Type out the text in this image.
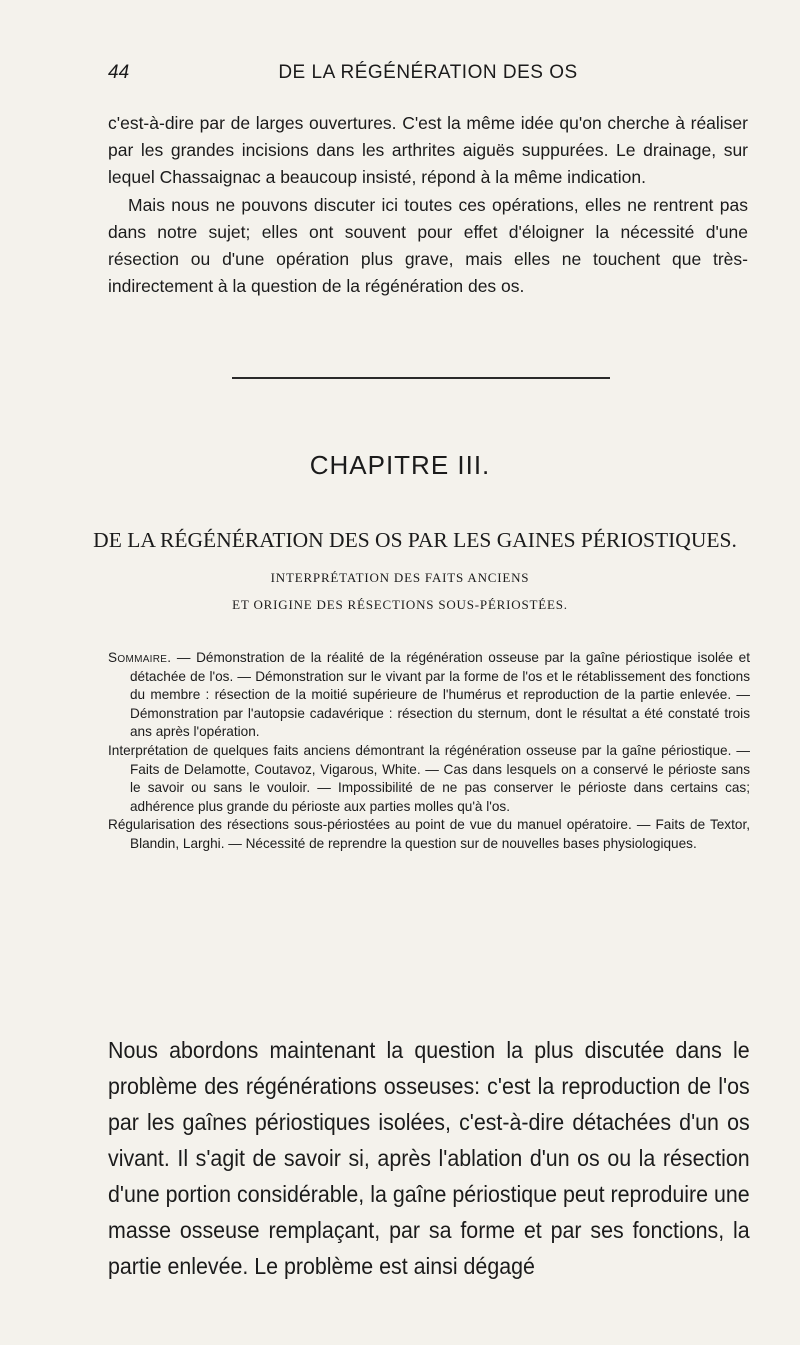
44	DE LA RÉGÉNÉRATION DES OS

c'est-à-dire par de larges ouvertures. C'est la même idée qu'on cherche à réaliser par les grandes incisions dans les arthrites aiguës suppurées. Le drainage, sur lequel Chassaignac a beaucoup insisté, répond à la même indication.

Mais nous ne pouvons discuter ici toutes ces opérations, elles ne rentrent pas dans notre sujet; elles ont souvent pour effet d'éloigner la nécessité d'une résection ou d'une opération plus grave, mais elles ne touchent que très-indirectement à la question de la régénération des os.

CHAPITRE III.
DE LA RÉGÉNÉRATION DES OS PAR LES GAINES PÉRIOSTIQUES.
INTERPRÉTATION DES FAITS ANCIENS
ET ORIGINE DES RÉSECTIONS SOUS-PÉRIOSTÉES.

Sommaire. — Démonstration de la réalité de la régénération osseuse par la gaîne périostique isolée et détachée de l'os. — Démonstration sur le vivant par la forme de l'os et le rétablissement des fonctions du membre : résection de la moitié supérieure de l'humérus et reproduction de la partie enlevée. — Démonstration par l'autopsie cadavérique : résection du sternum, dont le résultat a été constaté trois ans après l'opération.

Interprétation de quelques faits anciens démontrant la régénération osseuse par la gaîne périostique. — Faits de Delamotte, Coutavoz, Vigarous, White. — Cas dans lesquels on a conservé le périoste sans le savoir ou sans le vouloir. — Impossibilité de ne pas conserver le périoste dans certains cas; adhérence plus grande du périoste aux parties molles qu'à l'os.

Régularisation des résections sous-périostées au point de vue du manuel opératoire. — Faits de Textor, Blandin, Larghi. — Nécessité de reprendre la question sur de nouvelles bases physiologiques.

Nous abordons maintenant la question la plus discutée dans le problème des régénérations osseuses: c'est la reproduction de l'os par les gaînes périostiques isolées, c'est-à-dire détachées d'un os vivant. Il s'agit de savoir si, après l'ablation d'un os ou la résection d'une portion considérable, la gaîne périostique peut reproduire une masse osseuse remplaçant, par sa forme et par ses fonctions, la partie enlevée. Le problème est ainsi dégagé
